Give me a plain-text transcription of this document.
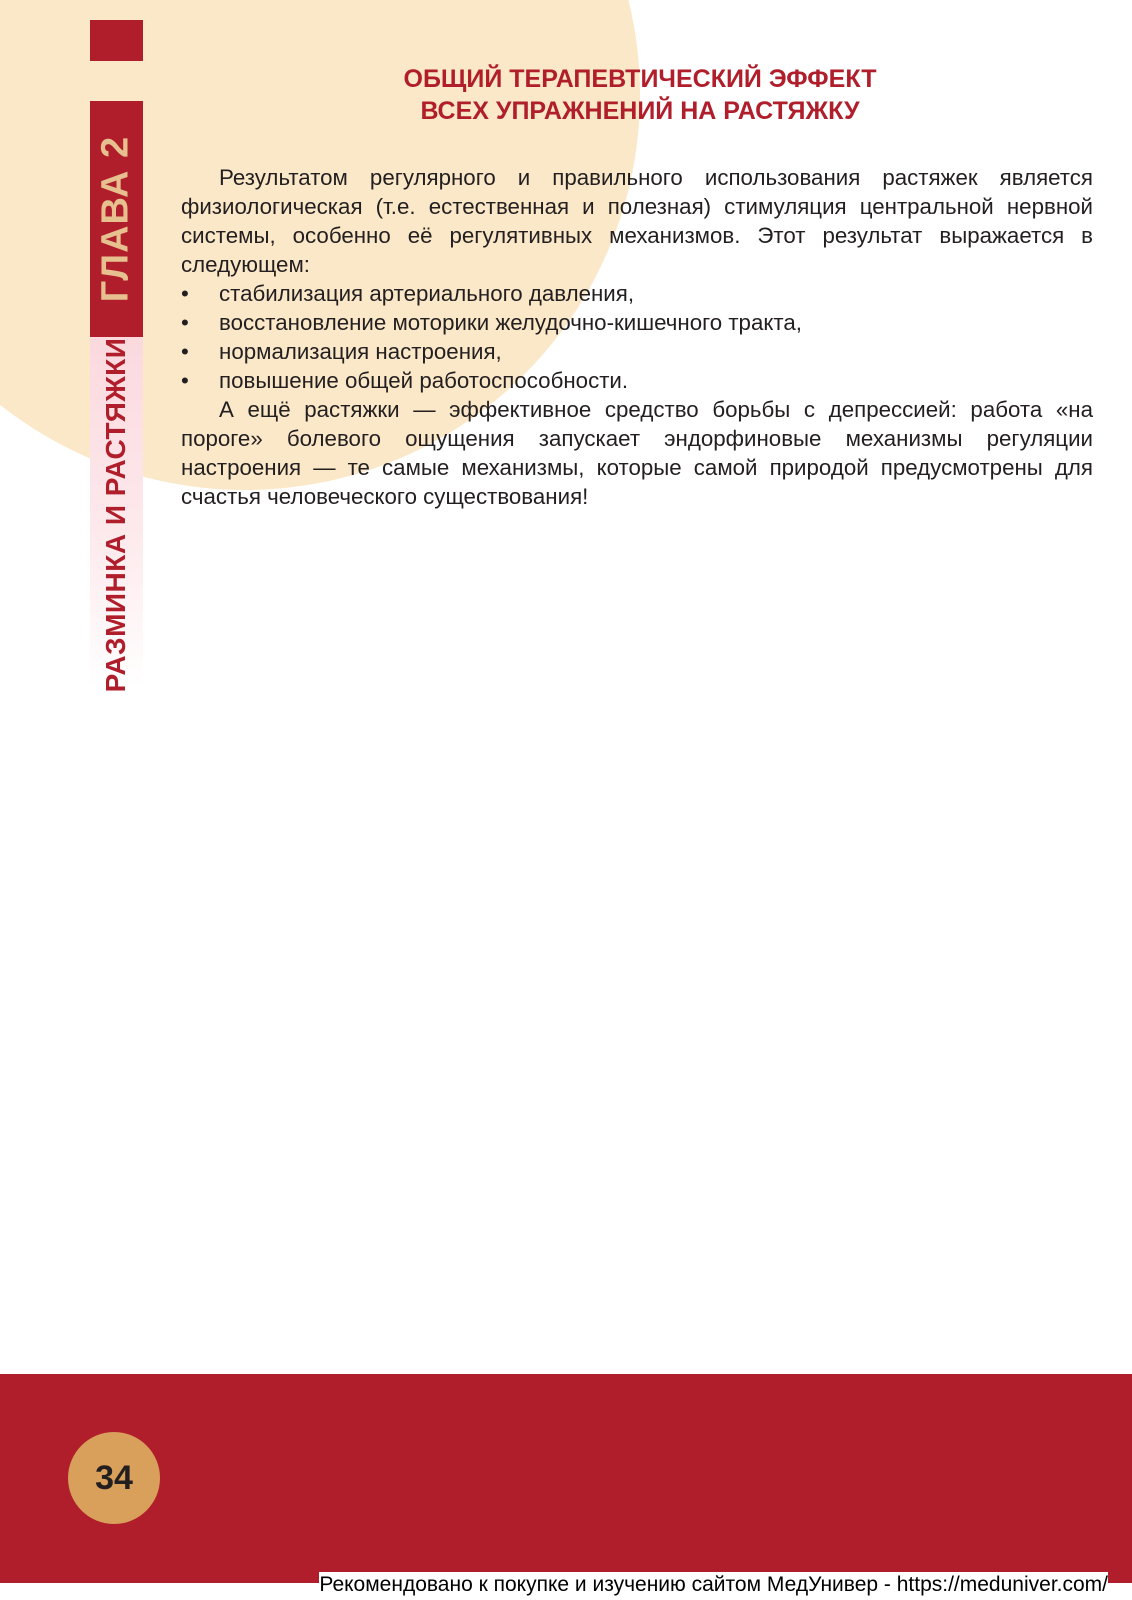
ГЛАВА 2
РАЗМИНКА И РАСТЯЖКИ
ОБЩИЙ ТЕРАПЕВТИЧЕСКИЙ ЭФФЕКТ
ВСЕХ УПРАЖНЕНИЙ НА РАСТЯЖКУ

Результатом регулярного и правильного использования растяжек является физиологическая (т.е. естественная и полезная) стимуляция центральной нервной системы, особенно её регулятивных механизмов. Этот результат выражается в следующем:

• стабилизация артериального давления,
• восстановление моторики желудочно-кишечного тракта,
• нормализация настроения,
• повышение общей работоспособности.

А ещё растяжки — эффективное средство борьбы с депрессией: работа «на пороге» болевого ощущения запускает эндорфиновые механизмы регуляции настроения — те самые механизмы, которые самой природой предусмотрены для счастья человеческого существования!

34
Рекомендовано к покупке и изучению сайтом МедУнивер - https://meduniver.com/
